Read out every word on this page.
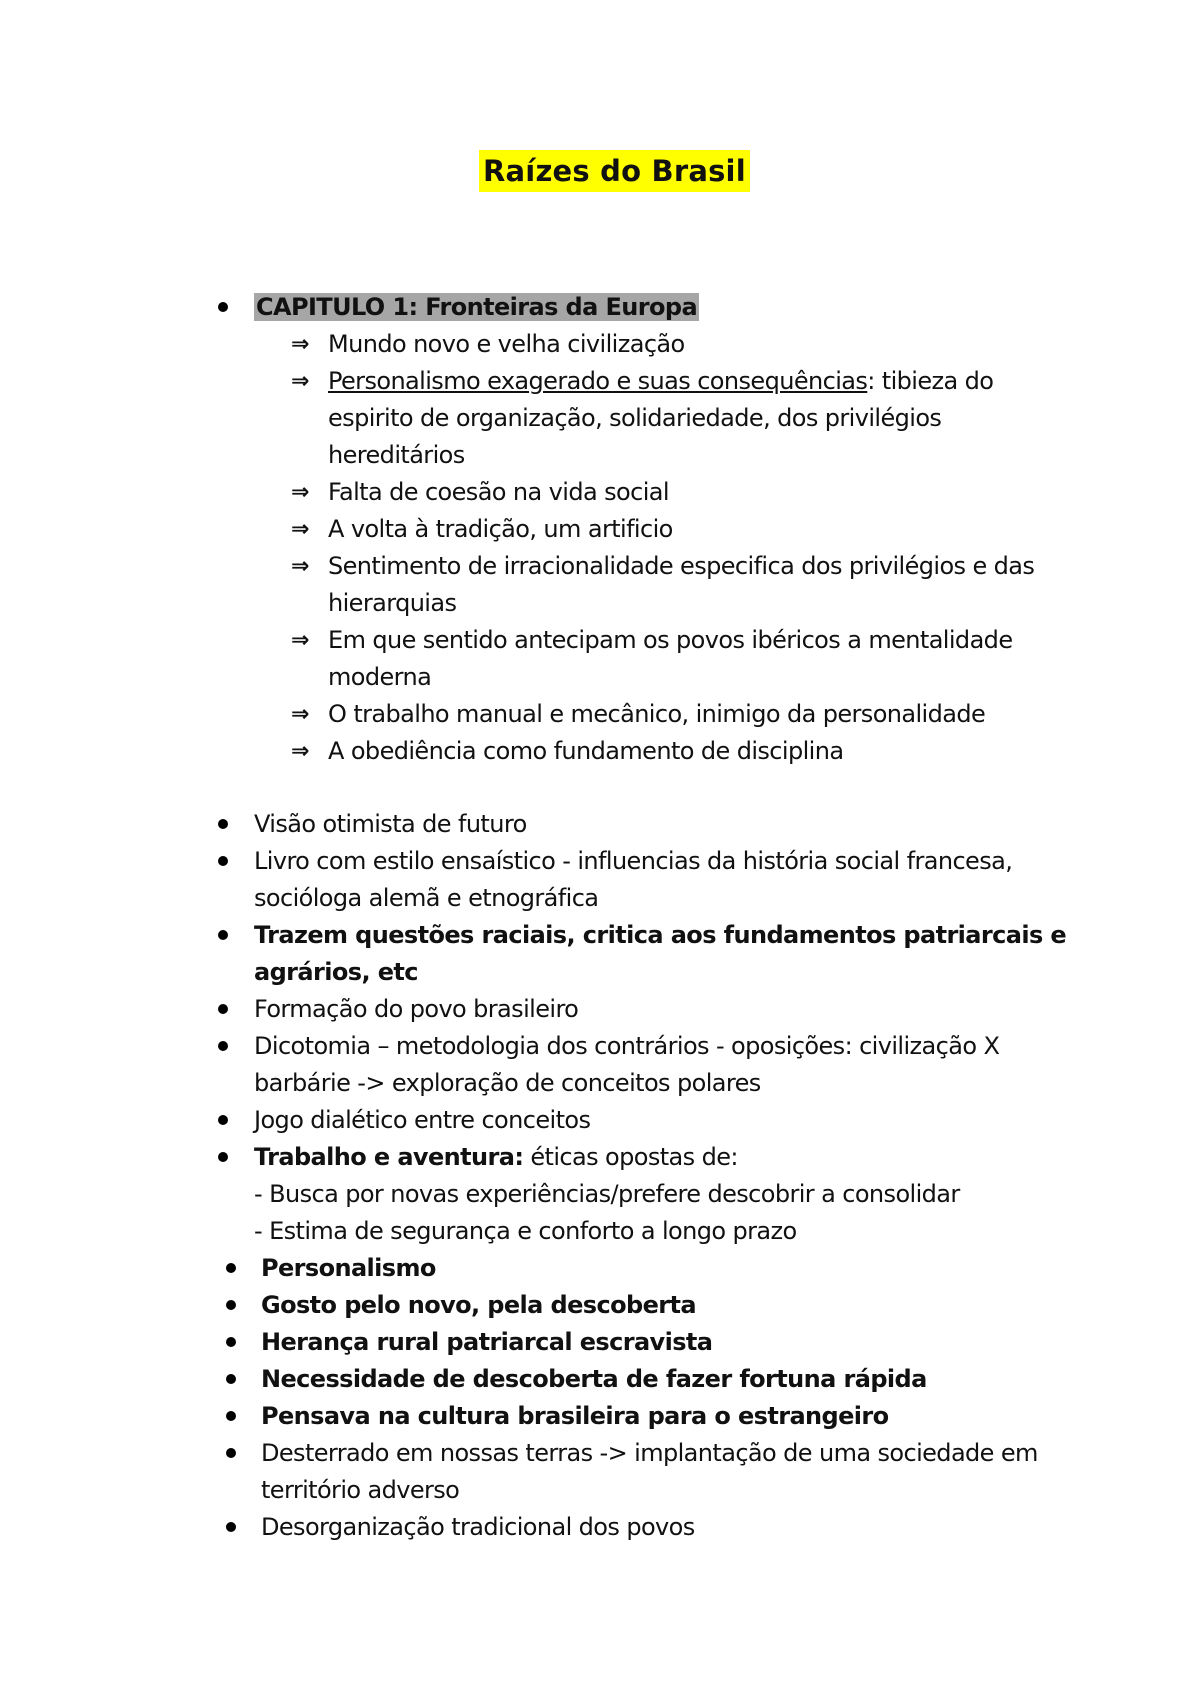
Raízes do Brasil
CAPITULO 1: Fronteiras da Europa
⇒ Mundo novo e velha civilização
⇒ Personalismo exagerado e suas consequências: tibieza do
espirito de organização, solidariedade, dos privilégios
hereditários
⇒ Falta de coesão na vida social
⇒ A volta à tradição, um artificio
⇒ Sentimento de irracionalidade especifica dos privilégios e das
hierarquias
⇒ Em que sentido antecipam os povos ibéricos a mentalidade
moderna
⇒ O trabalho manual e mecânico, inimigo da personalidade
⇒ A obediência como fundamento de disciplina
Visão otimista de futuro
Livro com estilo ensaístico - influencias da história social francesa,
socióloga alemã e etnográfica
Trazem questões raciais, critica aos fundamentos patriarcais e
agrários, etc
Formação do povo brasileiro
Dicotomia – metodologia dos contrários - oposições: civilização X
barbárie -> exploração de conceitos polares
Jogo dialético entre conceitos
Trabalho e aventura: éticas opostas de:
- Busca por novas experiências/prefere descobrir a consolidar
- Estima de segurança e conforto a longo prazo
Personalismo
Gosto pelo novo, pela descoberta
Herança rural patriarcal escravista
Necessidade de descoberta de fazer fortuna rápida
Pensava na cultura brasileira para o estrangeiro
Desterrado em nossas terras -> implantação de uma sociedade em
território adverso
Desorganização tradicional dos povos
